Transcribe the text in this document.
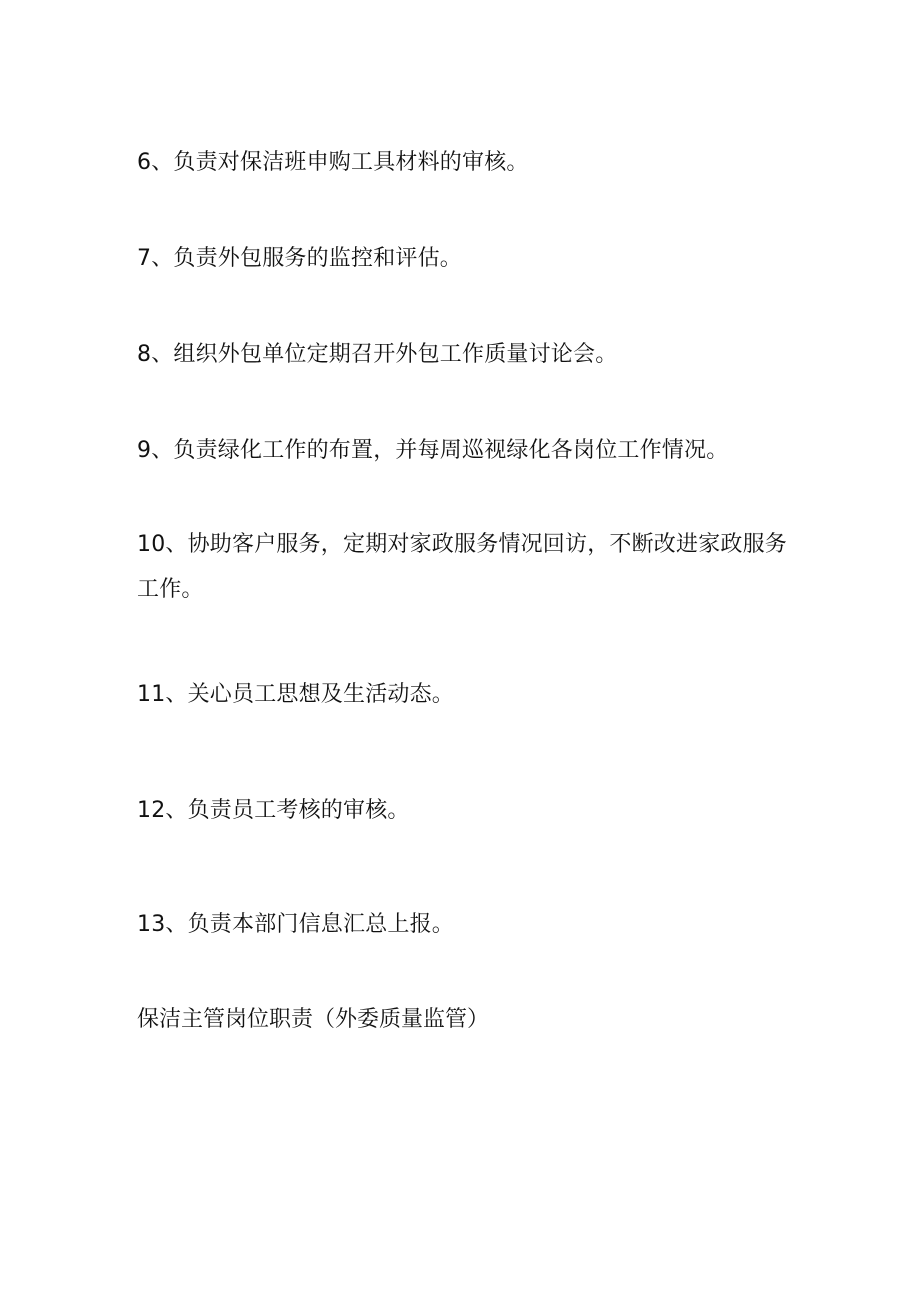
6、负责对保洁班申购工具材料的审核。
7、负责外包服务的监控和评估。
8、组织外包单位定期召开外包工作质量讨论会。
9、负责绿化工作的布置，并每周巡视绿化各岗位工作情况。
10、协助客户服务，定期对家政服务情况回访，不断改进家政服务工作。
11、关心员工思想及生活动态。
12、负责员工考核的审核。
13、负责本部门信息汇总上报。
保洁主管岗位职责（外委质量监管）
